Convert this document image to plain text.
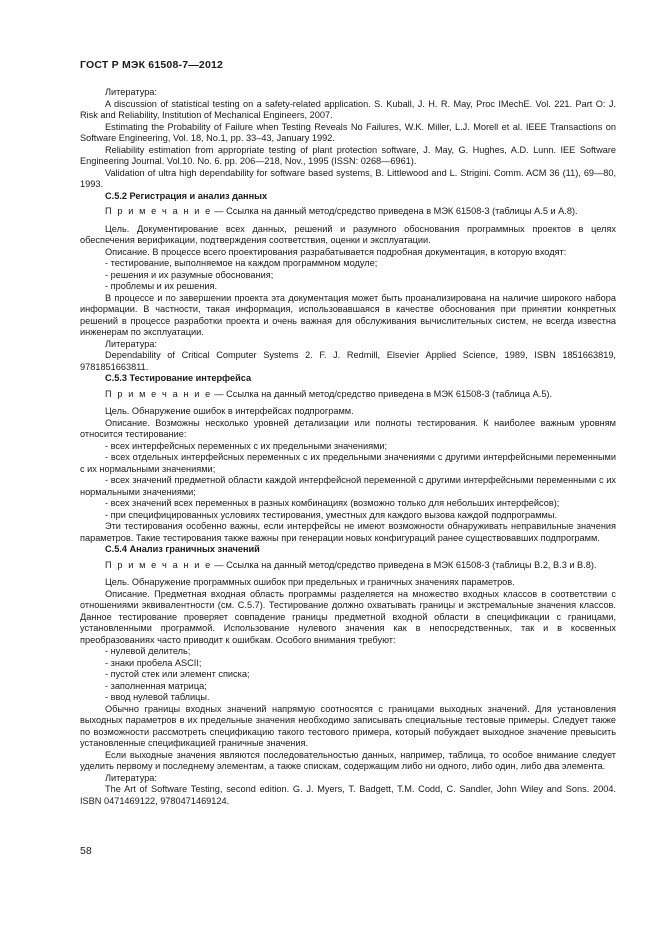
ГОСТ Р МЭК 61508-7—2012

Литература:

A discussion of statistical testing on a safety-related application. S. Kuball, J. H. R. May, Proc IMechE. Vol. 221. Part O: J. Risk and Reliability, Institution of Mechanical Engineers, 2007.

Estimating the Probability of Failure when Testing Reveals No Failures, W.K. Miller, L.J. Morell et al. IEEE Transactions on Software Engineering, Vol. 18, No.1, pp. 33–43, January 1992.

Reliability estimation from appropriate testing of plant protection software, J. May, G. Hughes, A.D. Lunn. IEE Software Engineering Journal. Vol.10. No. 6. pp. 206—218, Nov., 1995 (ISSN: 0268—6961).

Validation of ultra high dependability for software based systems, B. Littlewood and L. Strigini. Comm. ACM 36 (11), 69—80, 1993.

С.5.2 Регистрация и анализ данных

П р и м е ч а н и е — Ссылка на данный метод/средство приведена в МЭК 61508-3 (таблицы А.5 и А.8).

Цель. Документирование всех данных, решений и разумного обоснования программных проектов в целях обеспечения верификации, подтверждения соответствия, оценки и эксплуатации.

Описание. В процессе всего проектирования разрабатывается подробная документация, в которую входят:

- тестирование, выполняемое на каждом программном модуле;

- решения и их разумные обоснования;

- проблемы и их решения.

В процессе и по завершении проекта эта документация может быть проанализирована на наличие широкого набора информации. В частности, такая информация, использовавшаяся в качестве обоснования при принятии конкретных решений в процессе разработки проекта и очень важная для обслуживания вычислительных систем, не всегда известна инженерам по эксплуатации.

Литература:

Dependability of Critical Computer Systems 2. F. J. Redmill, Elsevier Applied Science, 1989, ISBN 1851663819, 9781851663811.

С.5.3 Тестирование интерфейса

П р и м е ч а н и е — Ссылка на данный метод/средство приведена в МЭК 61508-3 (таблица А.5).

Цель. Обнаружение ошибок в интерфейсах подпрограмм.

Описание. Возможны несколько уровней детализации или полноты тестирования. К наиболее важным уровням относится тестирование:

- всех интерфейсных переменных с их предельными значениями;

- всех отдельных интерфейсных переменных с их предельными значениями с другими интерфейсными переменными с их нормальными значениями;

- всех значений предметной области каждой интерфейсной переменной с другими интерфейсными переменными с их нормальными значениями;

- всех значений всех переменных в разных комбинациях (возможно только для небольших интерфейсов);

- при специфицированных условиях тестирования, уместных для каждого вызова каждой подпрограммы.

Эти тестирования особенно важны, если интерфейсы не имеют возможности обнаруживать неправильные значения параметров. Такие тестирования также важны при генерации новых конфигураций ранее существовавших подпрограмм.

С.5.4 Анализ граничных значений

П р и м е ч а н и е — Ссылка на данный метод/средство приведена в МЭК 61508-3 (таблицы В.2, В.3 и В.8).

Цель. Обнаружение программных ошибок при предельных и граничных значениях параметров.

Описание. Предметная входная область программы разделяется на множество входных классов в соответствии с отношениями эквивалентности (см. С.5.7). Тестирование должно охватывать границы и экстремальные значения классов. Данное тестирование проверяет совпадение границы предметной входной области в спецификации с границами, установленными программой. Использование нулевого значения как в непосредственных, так и в косвенных преобразованиях часто приводит к ошибкам. Особого внимания требуют:

- нулевой делитель;

- знаки пробела ASCII;

- пустой стек или элемент списка;

- заполненная матрица;

- ввод нулевой таблицы.

Обычно границы входных значений напрямую соотносятся с границами выходных значений. Для установления выходных параметров в их предельные значения необходимо записывать специальные тестовые примеры. Следует также по возможности рассмотреть спецификацию такого тестового примера, который побуждает выходное значение превысить установленные спецификацией граничные значения.

Если выходные значения являются последовательностью данных, например, таблица, то особое внимание следует уделить первому и последнему элементам, а также спискам, содержащим либо ни одного, либо один, либо два элемента.

Литература:

The Art of Software Testing, second edition. G. J. Myers, T. Badgett, T.M. Codd, C. Sandler, John Wiley and Sons. 2004. ISBN 0471469122, 9780471469124.

58
